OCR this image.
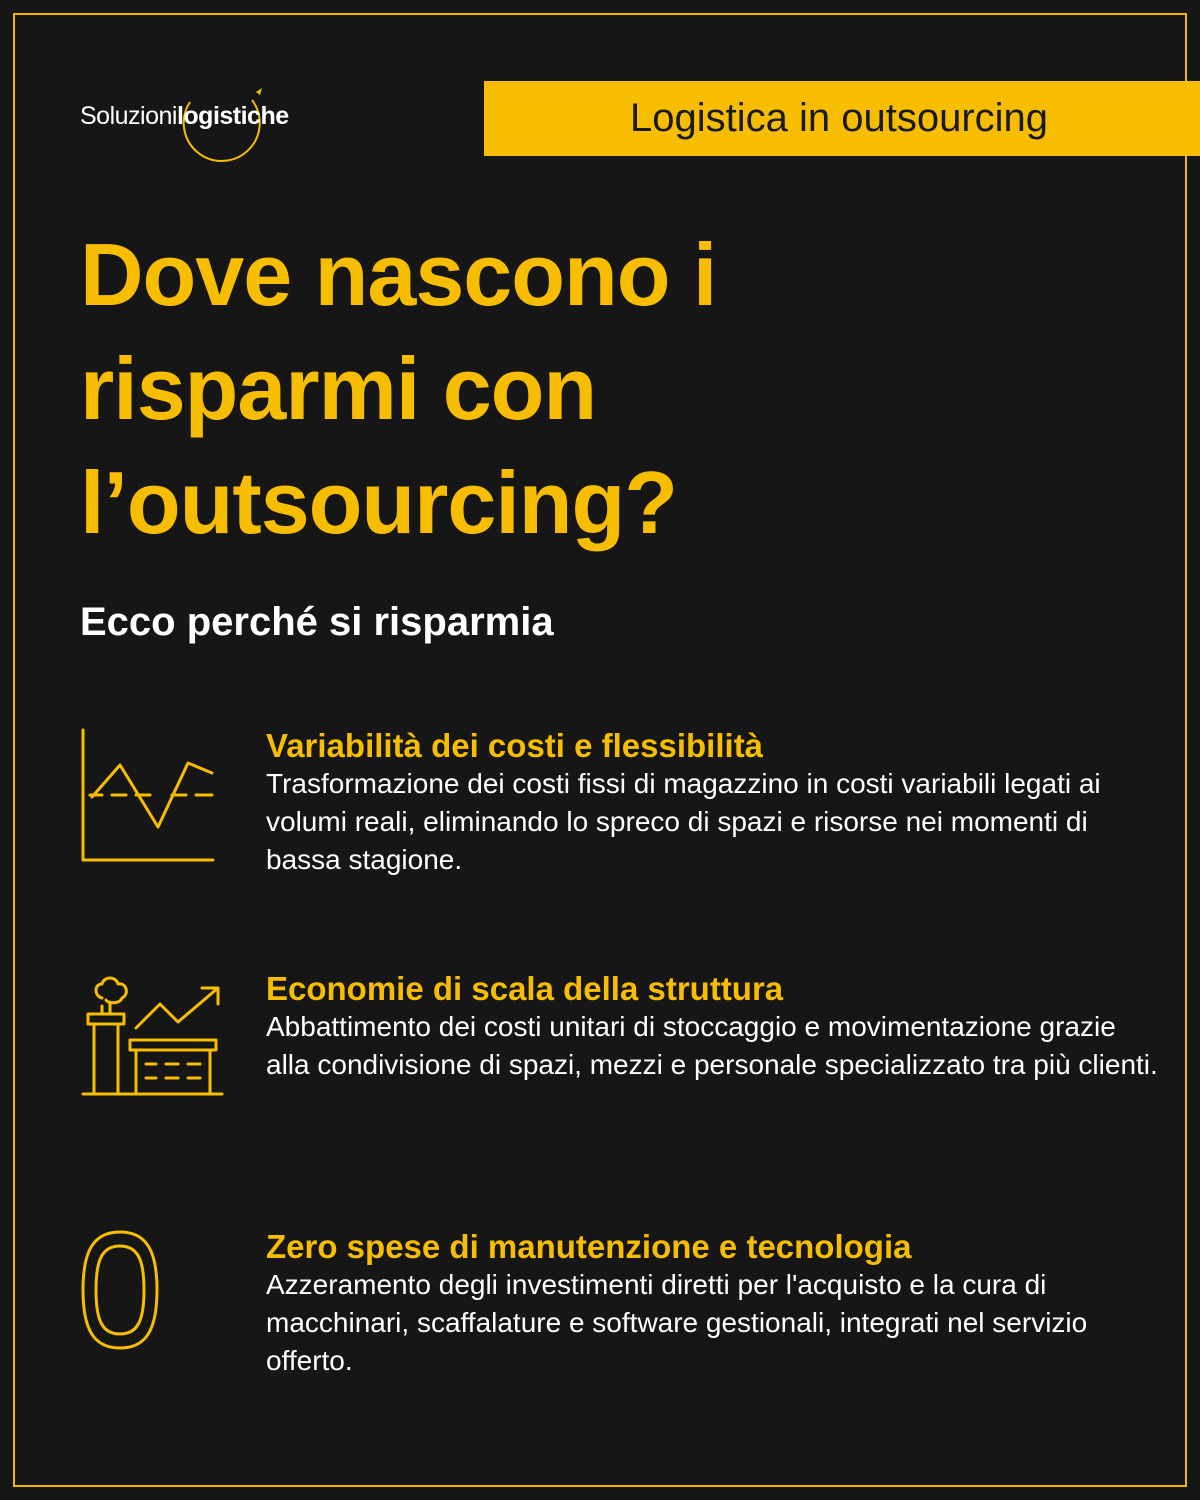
Soluzionilogistiche	Logistica in outsourcing
Dove nascono i
risparmi con
l’outsourcing?
Ecco perché si risparmia
Variabilità dei costi e flessibilità

Trasformazione dei costi fissi di magazzino in costi variabili legati ai volumi reali, eliminando lo spreco di spazi e risorse nei momenti di bassa stagione.

Economie di scala della struttura

Abbattimento dei costi unitari di stoccaggio e movimentazione grazie alla condivisione di spazi, mezzi e personale specializzato tra più clienti.

Zero spese di manutenzione e tecnologia

Azzeramento degli investimenti diretti per l'acquisto e la cura di macchinari, scaffalature e software gestionali, integrati nel servizio offerto.
